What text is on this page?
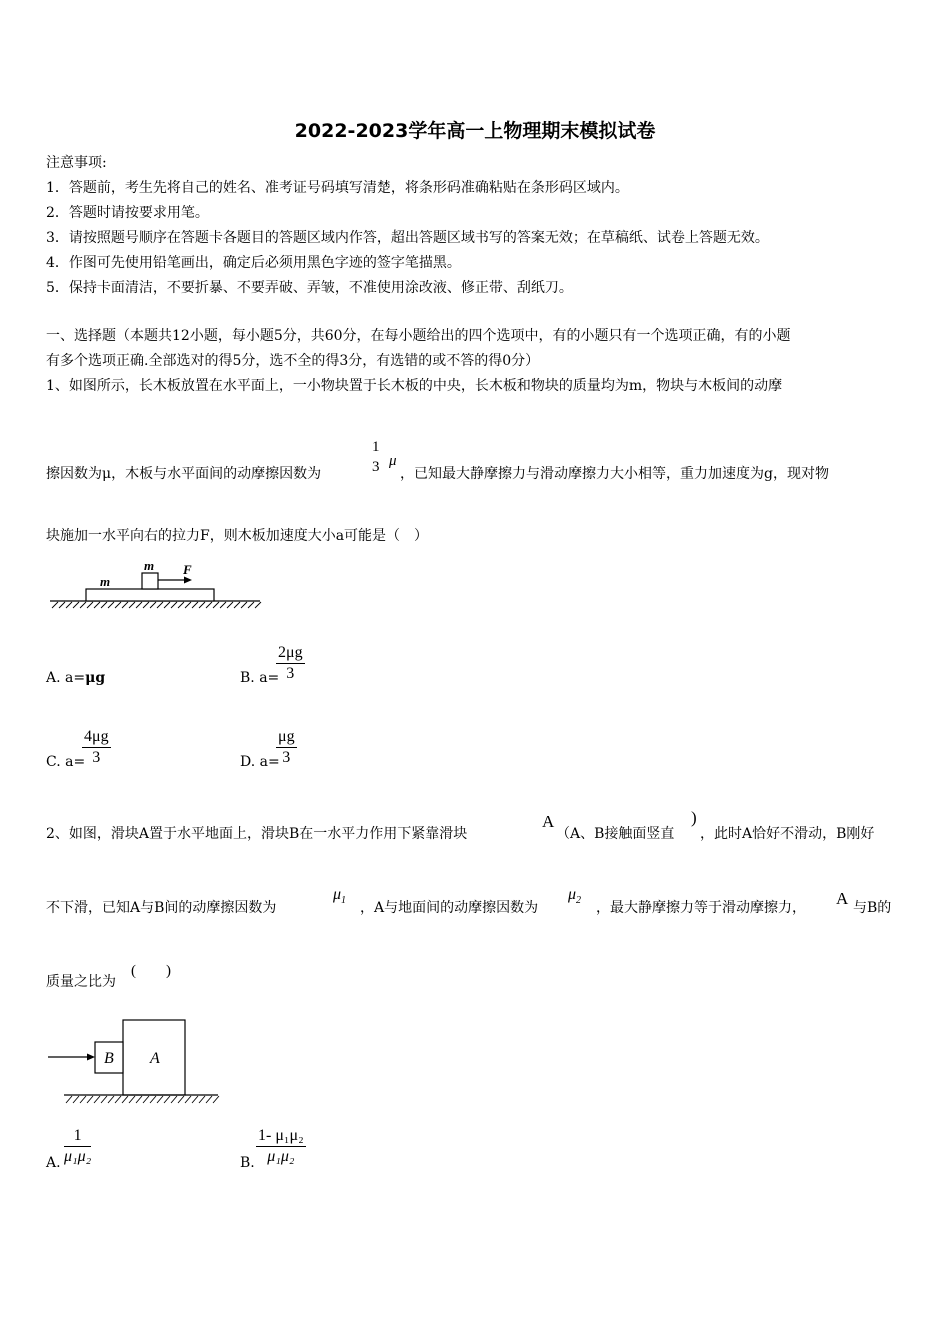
2022-2023学年高一上物理期末模拟试卷
注意事项:
1．答题前，考生先将自己的姓名、准考证号码填写清楚，将条形码准确粘贴在条形码区域内。
2．答题时请按要求用笔。
3．请按照题号顺序在答题卡各题目的答题区域内作答，超出答题区域书写的答案无效；在草稿纸、试卷上答题无效。
4．作图可先使用铅笔画出，确定后必须用黑色字迹的签字笔描黑。
5．保持卡面清洁，不要折暴、不要弄破、弄皱，不准使用涂改液、修正带、刮纸刀。
一、选择题（本题共12小题，每小题5分，共60分，在每小题给出的四个选项中，有的小题只有一个选项正确，有的小题
有多个选项正确.全部选对的得5分，选不全的得3分，有选错的或不答的得0分）
1、如图所示，长木板放置在水平面上，一小物块置于长木板的中央，长木板和物块的质量均为m，物块与木板间的动摩
擦因数为μ，木板与水平面间的动摩擦因数为
1
3 μ
，已知最大静摩擦力与滑动摩擦力大小相等，重力加速度为g，现对物
块施加一水平向右的拉力F，则木板加速度大小a可能是（　）
m
m F
A. a=μg	B. a=
$\frac{2\mu g}{3}$
C. a=
$\frac{4\mu g}{3}$	D. a=
$\frac{\mu g}{3}$
2、如图，滑块A置于水平地面上，滑块B在一水平力作用下紧靠滑块
A
（A、B接触面竖直
)
，此时A恰好不滑动，B刚好
不下滑，已知A与B间的动摩擦因数为
$\mu_1$ ，A与地面间的动摩擦因数为
$\mu_2$ ，最大静摩擦力等于滑动摩擦力， A 与B的
质量之比为
(　　)
A
B
A. $\frac{1}{\text{μ₁μ₂}}$	B. $\frac{\text{1- μ₁μ₂}}{\text{μ₁μ₂}}$
